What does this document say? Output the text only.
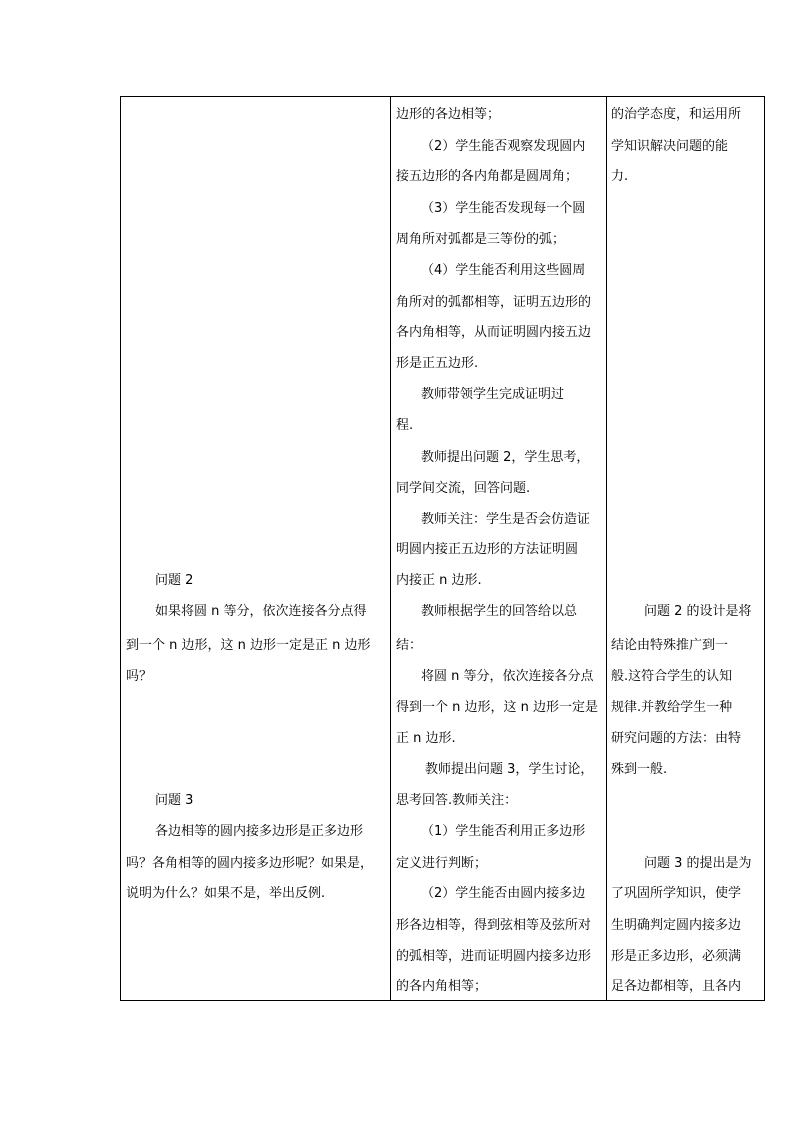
问题 2
如果将圆 n 等分，依次连接各分点得
到一个 n 边形，这 n 边形一定是正 n 边形
吗？
问题 3
各边相等的圆内接多边形是正多边形
吗？各角相等的圆内接多边形呢？如果是，
说明为什么？如果不是，举出反例.
边形的各边相等；
（2）学生能否观察发现圆内
接五边形的各内角都是圆周角；
（3）学生能否发现每一个圆
周角所对弧都是三等份的弧；
（4）学生能否利用这些圆周
角所对的弧都相等，证明五边形的
各内角相等，从而证明圆内接五边
形是正五边形.
教师带领学生完成证明过
程.
教师提出问题 2，学生思考，
同学间交流，回答问题.
教师关注：学生是否会仿造证
明圆内接正五边形的方法证明圆
内接正 n 边形.
教师根据学生的回答给以总
结：
将圆 n 等分，依次连接各分点
得到一个 n 边形，这 n 边形一定是
正 n 边形.
教师提出问题 3，学生讨论，
思考回答.教师关注：
（1）学生能否利用正多边形
定义进行判断；
（2）学生能否由圆内接多边
形各边相等，得到弦相等及弦所对
的弧相等，进而证明圆内接多边形
的各内角相等；
的治学态度，和运用所
学知识解决问题的能
力.
问题 2 的设计是将
结论由特殊推广到一
般.这符合学生的认知
规律.并教给学生一种
研究问题的方法：由特
殊到一般.
问题 3 的提出是为
了巩固所学知识，使学
生明确判定圆内接多边
形是正多边形，必须满
足各边都相等，且各内
